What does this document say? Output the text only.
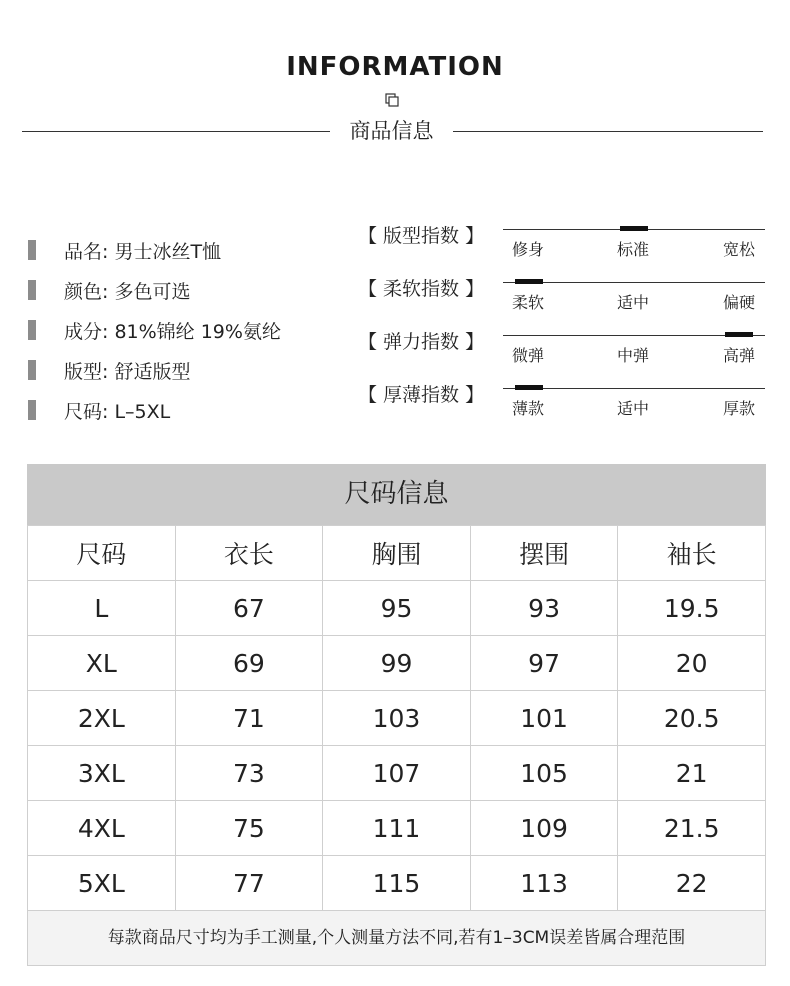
INFORMATION
商品信息
品名: 男士冰丝T恤
颜色: 多色可选
成分: 81%锦纶 19%氨纶
版型: 舒适版型
尺码: L–5XL
【 版型指数 】
修身	标准	宽松
【 柔软指数 】
柔软	适中	偏硬
【 弹力指数 】
微弹	中弹	高弹
【 厚薄指数 】
薄款	适中	厚款
尺码信息
尺码	衣长	胸围	摆围	袖长
L	67	95	93	19.5
XL	69	99	97	20
2XL	71	103	101	20.5
3XL	73	107	105	21
4XL	75	111	109	21.5
5XL	77	115	113	22
每款商品尺寸均为手工测量,个人测量方法不同,若有1–3CM误差皆属合理范围
